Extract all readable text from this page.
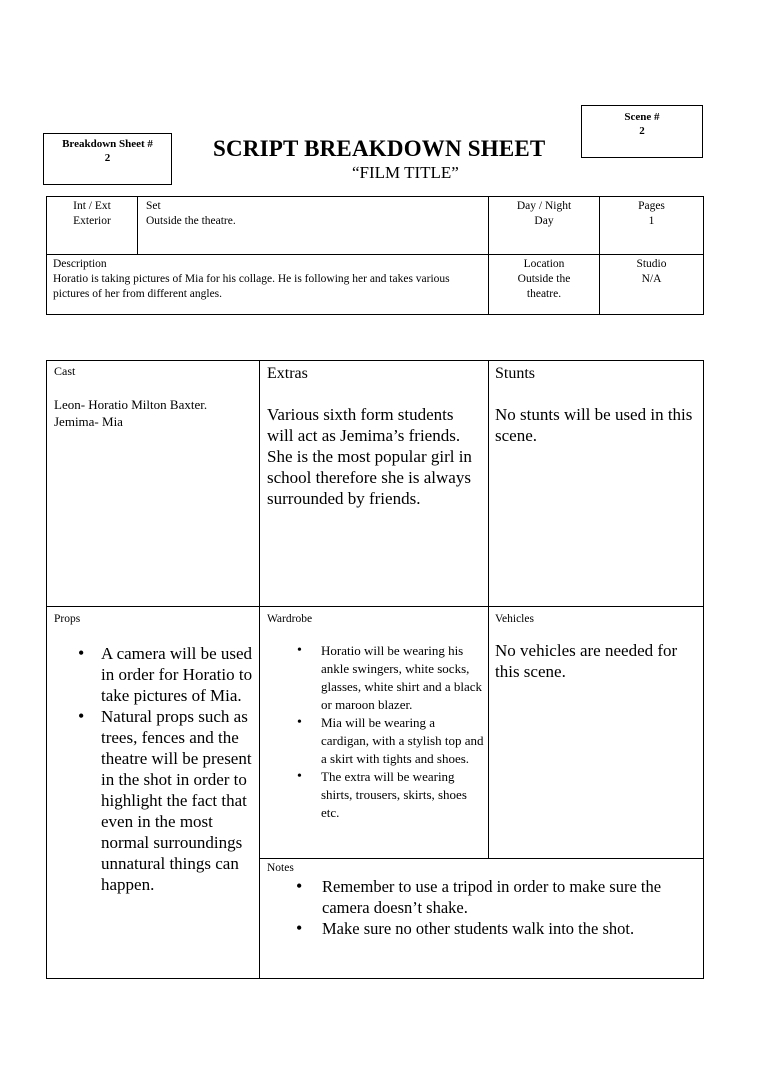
Breakdown Sheet #
2
Scene #
2
SCRIPT BREAKDOWN SHEET
“FILM TITLE”
Int / Ext
Exterior
Set
Outside the theatre.
Day / Night
Day
Pages
1
Description
Horatio is taking pictures of Mia for his collage. He is following her and takes various pictures of her from different angles.
Location
Outside the
theatre.
Studio
N/A
Cast
Leon- Horatio Milton Baxter.
Jemima- Mia
Extras
Various sixth form students will act as Jemima’s friends. She is the most popular girl in school therefore she is always surrounded by friends.
Stunts
No stunts will be used in this scene.
Props
• A camera will be used in order for Horatio to take pictures of Mia.
• Natural props such as trees, fences and the theatre will be present in the shot in order to highlight the fact that even in the most normal surroundings unnatural things can happen.
Wardrobe
• Horatio will be wearing his ankle swingers, white socks, glasses, white shirt and a black or maroon blazer.
• Mia will be wearing a cardigan, with a stylish top and a skirt with tights and shoes.
• The extra will be wearing shirts, trousers, skirts, shoes etc.
Vehicles
No vehicles are needed for this scene.
Notes
• Remember to use a tripod in order to make sure the camera doesn’t shake.
• Make sure no other students walk into the shot.
